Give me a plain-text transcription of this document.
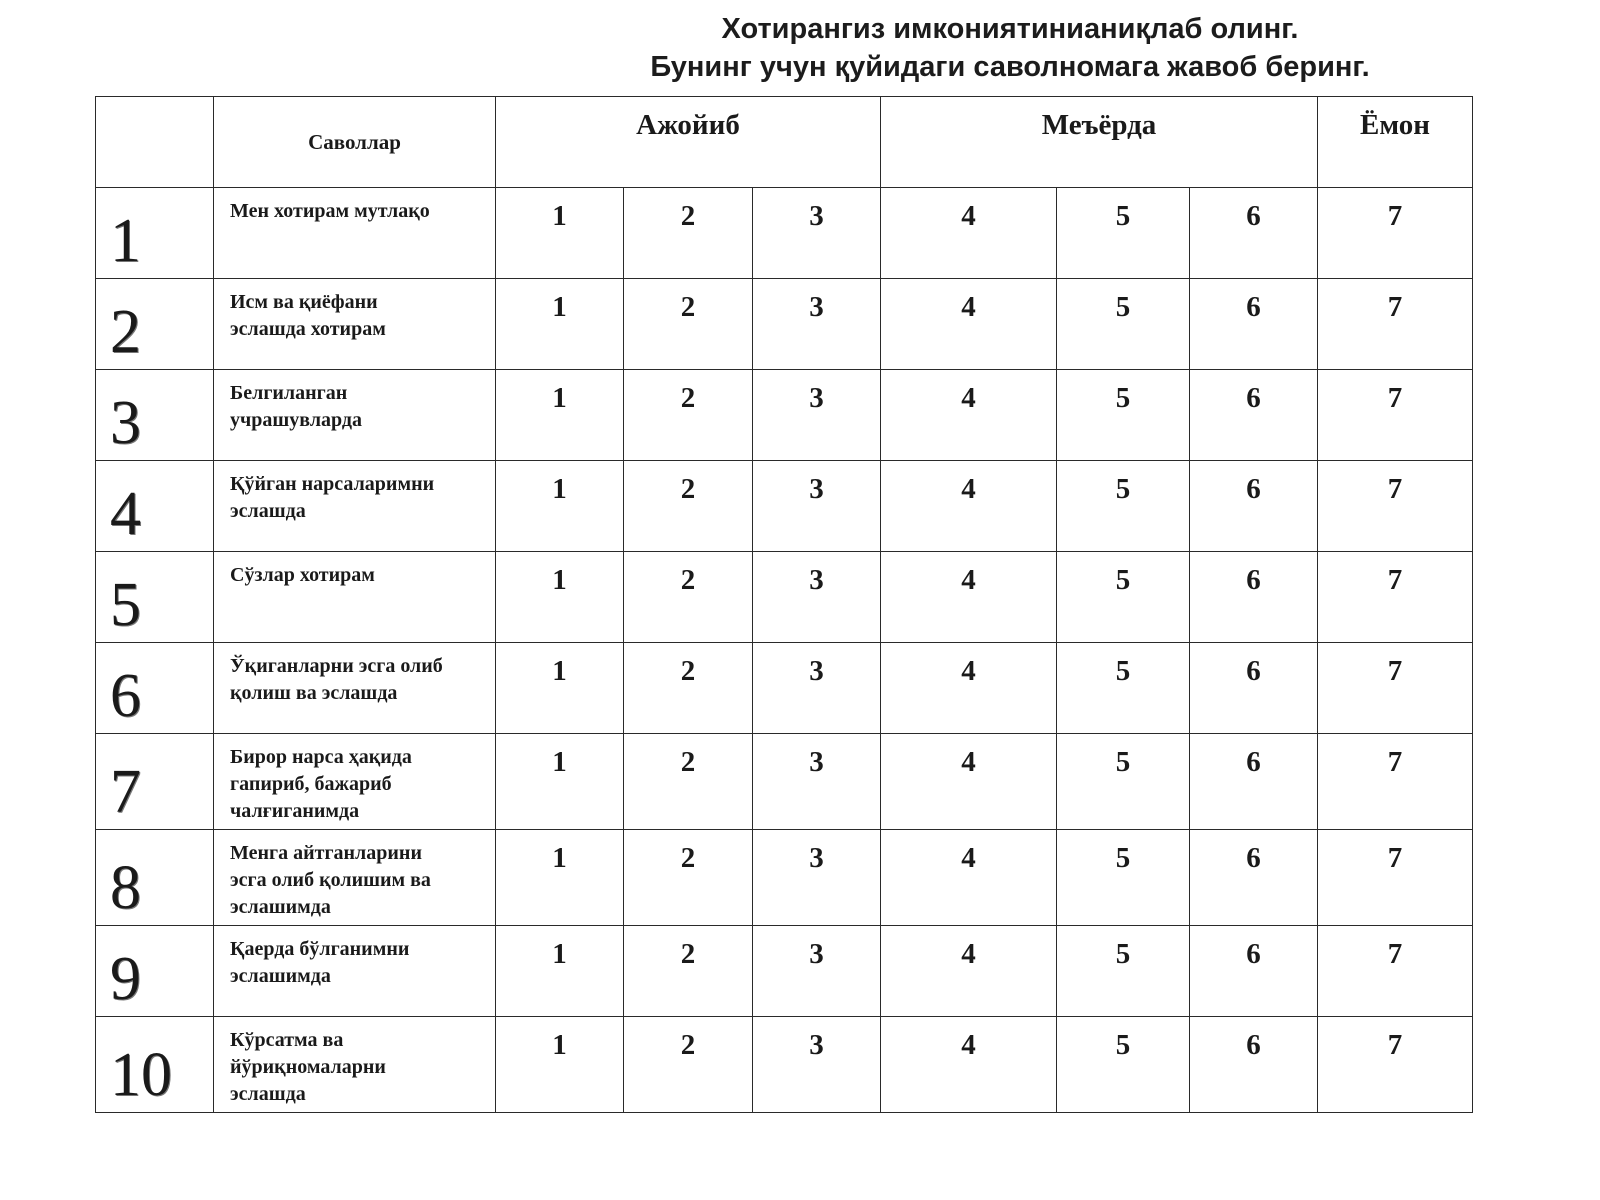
Хотирангиз имкониятинианиқлаб олинг.
Бунинг учун қуйидаги саволномага жавоб беринг.
	Саволлар	Ажойиб			Меъёрда			Ёмон
1	Мен хотирам мутлақо	1	2	3	4	5	6	7
2	Исм ва қиёфани
эслашда хотирам	1	2	3	4	5	6	7
3	Белгиланган
учрашувларда	1	2	3	4	5	6	7
4	Қўйган нарсаларимни
эслашда	1	2	3	4	5	6	7
5	Сўзлар хотирам	1	2	3	4	5	6	7
6	Ўқиганларни эсга олиб
қолиш ва эслашда	1	2	3	4	5	6	7
7	Бирор нарса ҳақида
гапириб, бажариб
чалғиганимда	1	2	3	4	5	6	7
8	Менга айтганларини
эсга олиб қолишим ва
эслашимда	1	2	3	4	5	6	7
9	Қаерда бўлганимни
эслашимда	1	2	3	4	5	6	7
10	Кўрсатма ва
йўриқномаларни
эслашда	1	2	3	4	5	6	7
